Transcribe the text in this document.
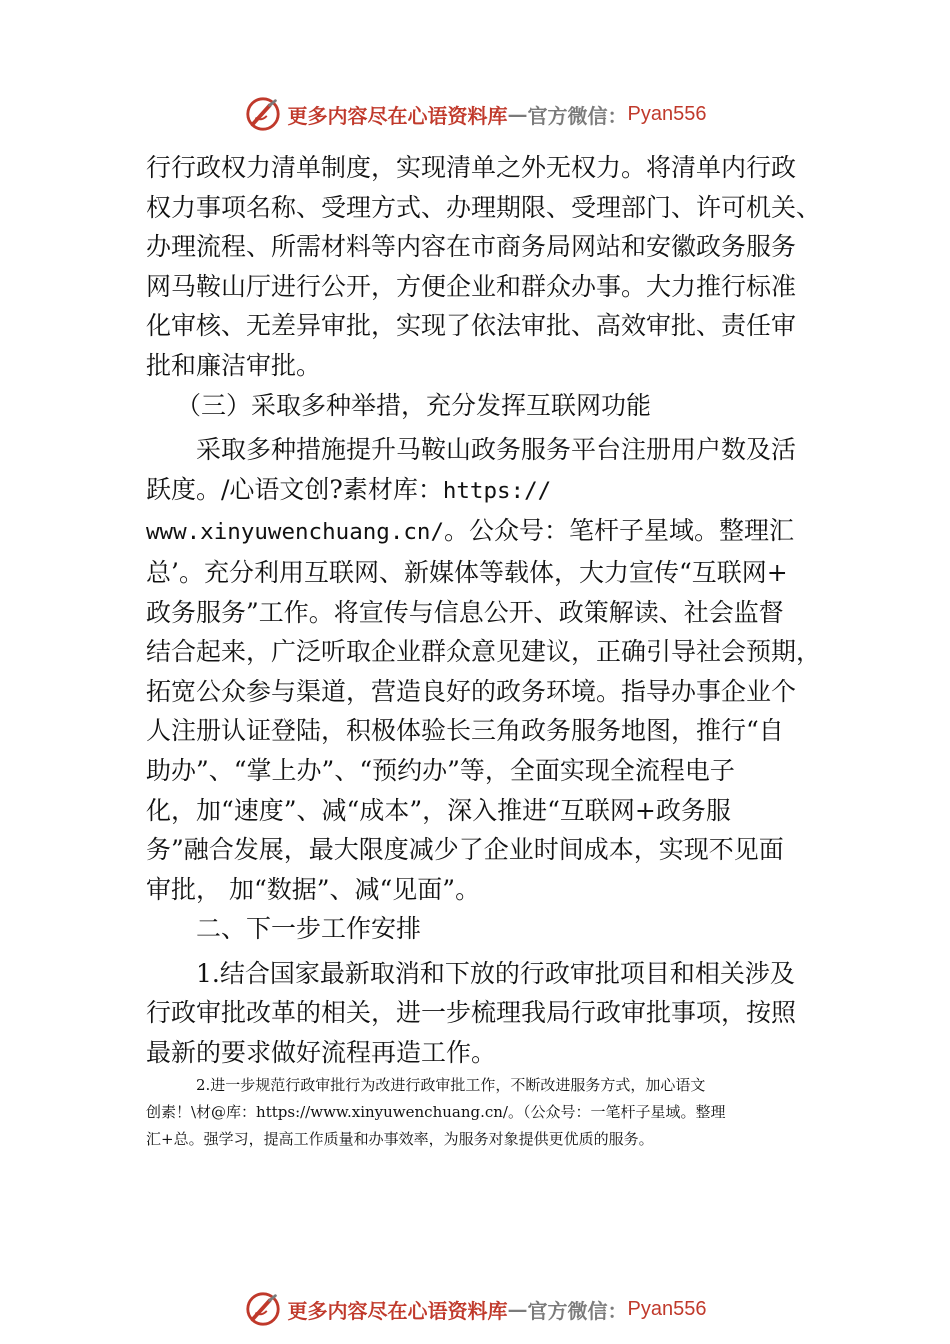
更多内容尽在心语资料库 — 官方微信： Pyan556

行行政权力清单制度，实现清单之外无权力。将清单内行政

权力事项名称、受理方式、办理期限、受理部门、许可机关、

办理流程、所需材料等内容在市商务局网站和安徽政务服务

网马鞍山厅进行公开，方便企业和群众办事。大力推行标准

化审核、无差异审批，实现了依法审批、高效审批、责任审

批和廉洁审批。

（三）采取多种举措，充分发挥互联网功能

采取多种措施提升马鞍山政务服务平台注册用户数及活

跃度。/心语文创?素材库：https://

www.xinyuwenchuang.cn/。公众号：笔杆子星域。整理汇

总’。充分利用互联网、新媒体等载体，大力宣传“互联网+

政务服务”工作。将宣传与信息公开、政策解读、社会监督

结合起来，广泛听取企业群众意见建议，正确引导社会预期，

拓宽公众参与渠道，营造良好的政务环境。指导办事企业个

人注册认证登陆，积极体验长三角政务服务地图，推行“自

助办”、“掌上办”、“预约办”等，全面实现全流程电子

化，加“速度”、减“成本”，深入推进“互联网+政务服

务”融合发展，最大限度减少了企业时间成本，实现不见面

审批， 加“数据”、减“见面”。

二、下一步工作安排

1.结合国家最新取消和下放的行政审批项目和相关涉及

行政审批改革的相关，进一步梳理我局行政审批事项，按照

最新的要求做好流程再造工作。

2.进一步规范行政审批行为改进行政审批工作，不断改进服务方式，加心语文

创素！\材@库：https://www.xinyuwenchuang.cn/。（公众号：一笔杆子星域。整理

汇+总。强学习，提高工作质量和办事效率，为服务对象提供更优质的服务。

更多内容尽在心语资料库 — 官方微信： Pyan556
